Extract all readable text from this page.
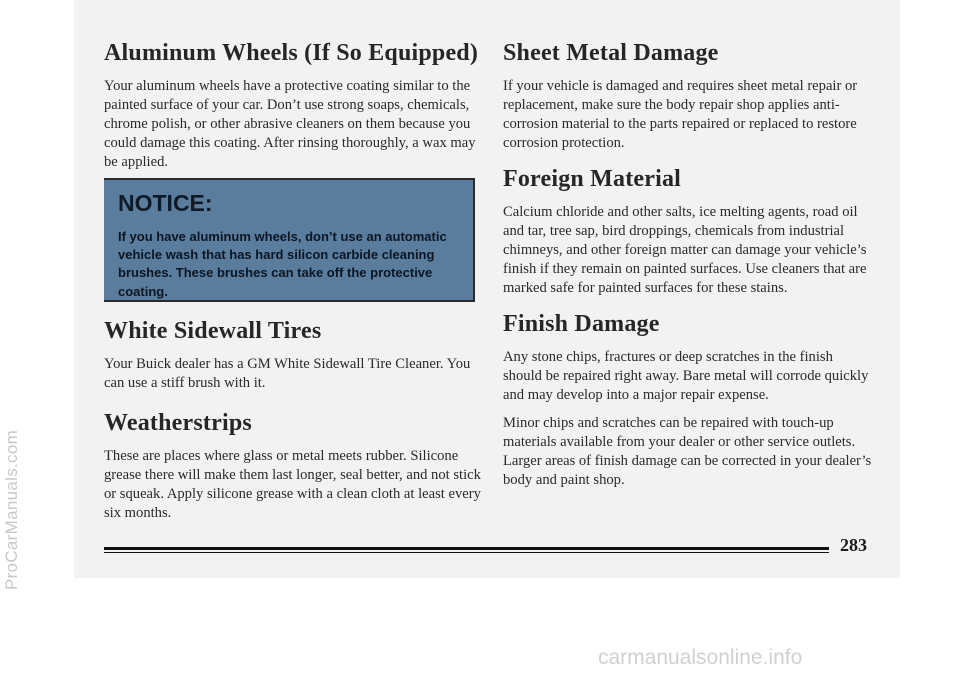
ProCarManuals.com
Aluminum Wheels (If So Equipped)

Your aluminum wheels have a protective coating similar to the painted surface of your car. Don’t use strong soaps, chemicals, chrome polish, or other abrasive cleaners on them because you could damage this coating. After rinsing thoroughly, a wax may be applied.

NOTICE:
If you have aluminum wheels, don’t use an automatic vehicle wash that has hard silicon carbide cleaning brushes. These brushes can take off the protective coating.
White Sidewall Tires

Your Buick dealer has a GM White Sidewall Tire Cleaner. You can use a stiff brush with it.

Weatherstrips

These are places where glass or metal meets rubber. Silicone grease there will make them last longer, seal better, and not stick or squeak. Apply silicone grease with a clean cloth at least every six months.

Sheet Metal Damage

If your vehicle is damaged and requires sheet metal repair or replacement, make sure the body repair shop applies anti-corrosion material to the parts repaired or replaced to restore corrosion protection.

Foreign Material

Calcium chloride and other salts, ice melting agents, road oil and tar, tree sap, bird droppings, chemicals from industrial chimneys, and other foreign matter can damage your vehicle’s finish if they remain on painted surfaces. Use cleaners that are marked safe for painted surfaces for these stains.

Finish Damage

Any stone chips, fractures or deep scratches in the finish should be repaired right away. Bare metal will corrode quickly and may develop into a major repair expense.

Minor chips and scratches can be repaired with touch-up materials available from your dealer or other service outlets. Larger areas of finish damage can be corrected in your dealer’s body and paint shop.

283
carmanualsonline.info
